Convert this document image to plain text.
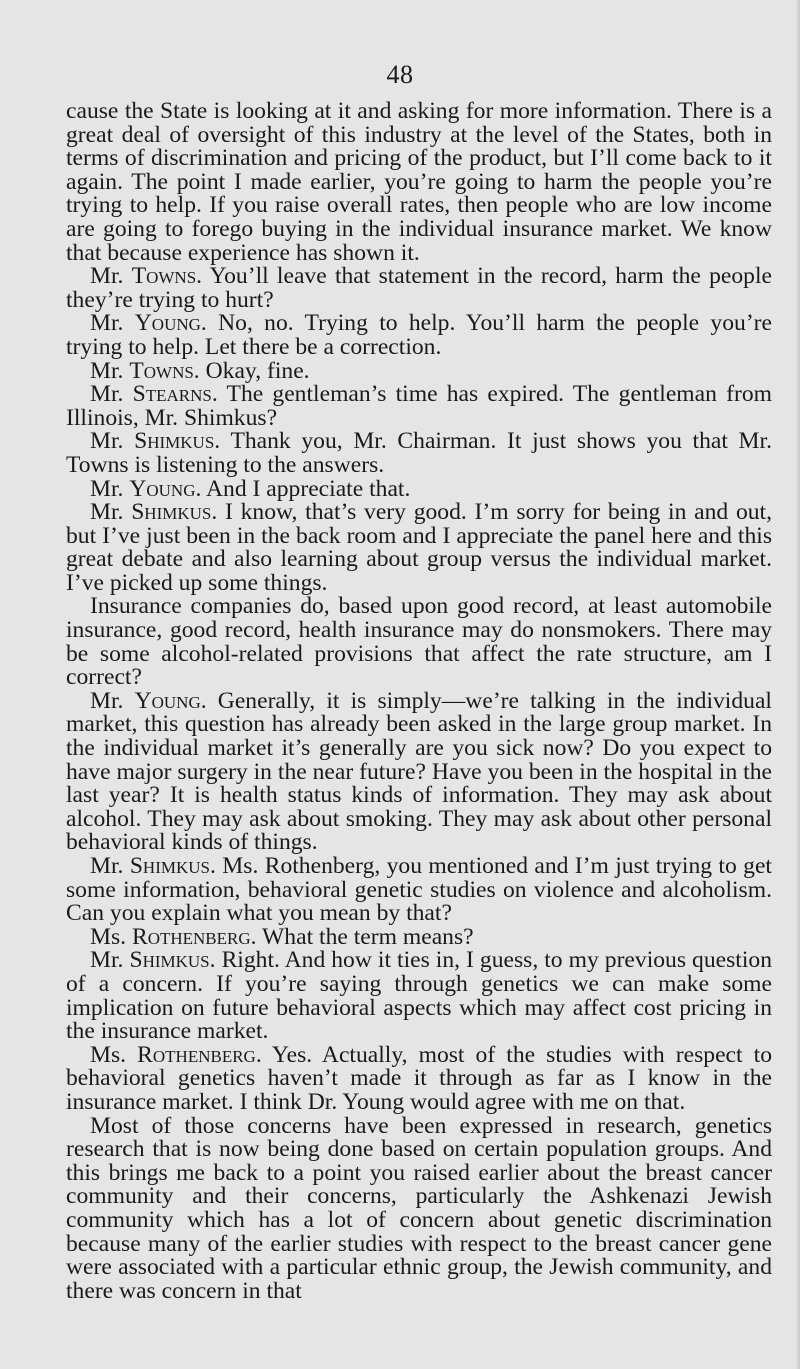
48

cause the State is looking at it and asking for more information. There is a great deal of oversight of this industry at the level of the States, both in terms of discrimination and pricing of the product, but I’ll come back to it again. The point I made earlier, you’re going to harm the people you’re trying to help. If you raise overall rates, then people who are low income are going to forego buying in the individual insurance market. We know that because experience has shown it.

Mr. Towns. You’ll leave that statement in the record, harm the people they’re trying to hurt?

Mr. Young. No, no. Trying to help. You’ll harm the people you’re trying to help. Let there be a correction.

Mr. Towns. Okay, fine.

Mr. Stearns. The gentleman’s time has expired. The gentleman from Illinois, Mr. Shimkus?

Mr. Shimkus. Thank you, Mr. Chairman. It just shows you that Mr. Towns is listening to the answers.

Mr. Young. And I appreciate that.

Mr. Shimkus. I know, that’s very good. I’m sorry for being in and out, but I’ve just been in the back room and I appreciate the panel here and this great debate and also learning about group versus the individual market. I’ve picked up some things.

Insurance companies do, based upon good record, at least automobile insurance, good record, health insurance may do nonsmokers. There may be some alcohol-related provisions that affect the rate structure, am I correct?

Mr. Young. Generally, it is simply—we’re talking in the individual market, this question has already been asked in the large group market. In the individual market it’s generally are you sick now? Do you expect to have major surgery in the near future? Have you been in the hospital in the last year? It is health status kinds of information. They may ask about alcohol. They may ask about smoking. They may ask about other personal behavioral kinds of things.

Mr. Shimkus. Ms. Rothenberg, you mentioned and I’m just trying to get some information, behavioral genetic studies on violence and alcoholism. Can you explain what you mean by that?

Ms. Rothenberg. What the term means?

Mr. Shimkus. Right. And how it ties in, I guess, to my previous question of a concern. If you’re saying through genetics we can make some implication on future behavioral aspects which may affect cost pricing in the insurance market.

Ms. Rothenberg. Yes. Actually, most of the studies with respect to behavioral genetics haven’t made it through as far as I know in the insurance market. I think Dr. Young would agree with me on that.

Most of those concerns have been expressed in research, genetics research that is now being done based on certain population groups. And this brings me back to a point you raised earlier about the breast cancer community and their concerns, particularly the Ashkenazi Jewish community which has a lot of concern about genetic discrimination because many of the earlier studies with respect to the breast cancer gene were associated with a particular ethnic group, the Jewish community, and there was concern in that
